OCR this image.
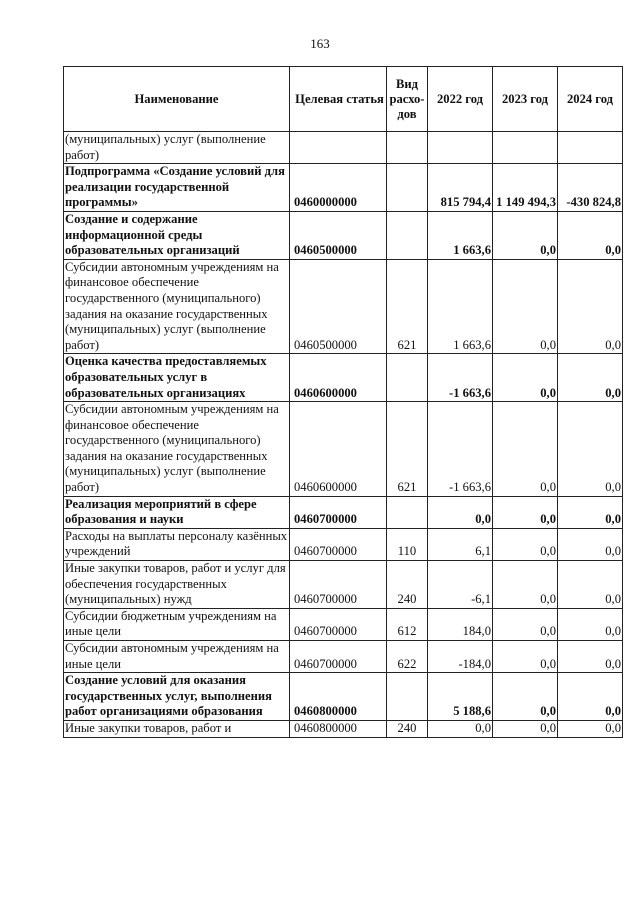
163
Наименование	Целевая статья	Вид расхо-дов	2022 год	2023 год	2024 год
(муниципальных) услуг (выполнение работ)					
Подпрограмма «Создание условий для реализации государственной программы»	0460000000		815 794,4	1 149 494,3	-430 824,8
Создание и содержание информационной среды образовательных организаций	0460500000		1 663,6	0,0	0,0
Субсидии автономным учреждениям на финансовое обеспечение государственного (муниципального) задания на оказание государственных (муниципальных) услуг (выполнение работ)	0460500000	621	1 663,6	0,0	0,0
Оценка качества предоставляемых образовательных услуг в образовательных организациях	0460600000		-1 663,6	0,0	0,0
Субсидии автономным учреждениям на финансовое обеспечение государственного (муниципального) задания на оказание государственных (муниципальных) услуг (выполнение работ)	0460600000	621	-1 663,6	0,0	0,0
Реализация мероприятий в сфере образования и науки	0460700000		0,0	0,0	0,0
Расходы на выплаты персоналу казённых учреждений	0460700000	110	6,1	0,0	0,0
Иные закупки товаров, работ и услуг для обеспечения государственных (муниципальных) нужд	0460700000	240	-6,1	0,0	0,0
Субсидии бюджетным учреждениям на иные цели	0460700000	612	184,0	0,0	0,0
Субсидии автономным учреждениям на иные цели	0460700000	622	-184,0	0,0	0,0
Создание условий для оказания государственных услуг, выполнения работ организациями образования	0460800000		5 188,6	0,0	0,0
Иные закупки товаров, работ и	0460800000	240	0,0	0,0	0,0
